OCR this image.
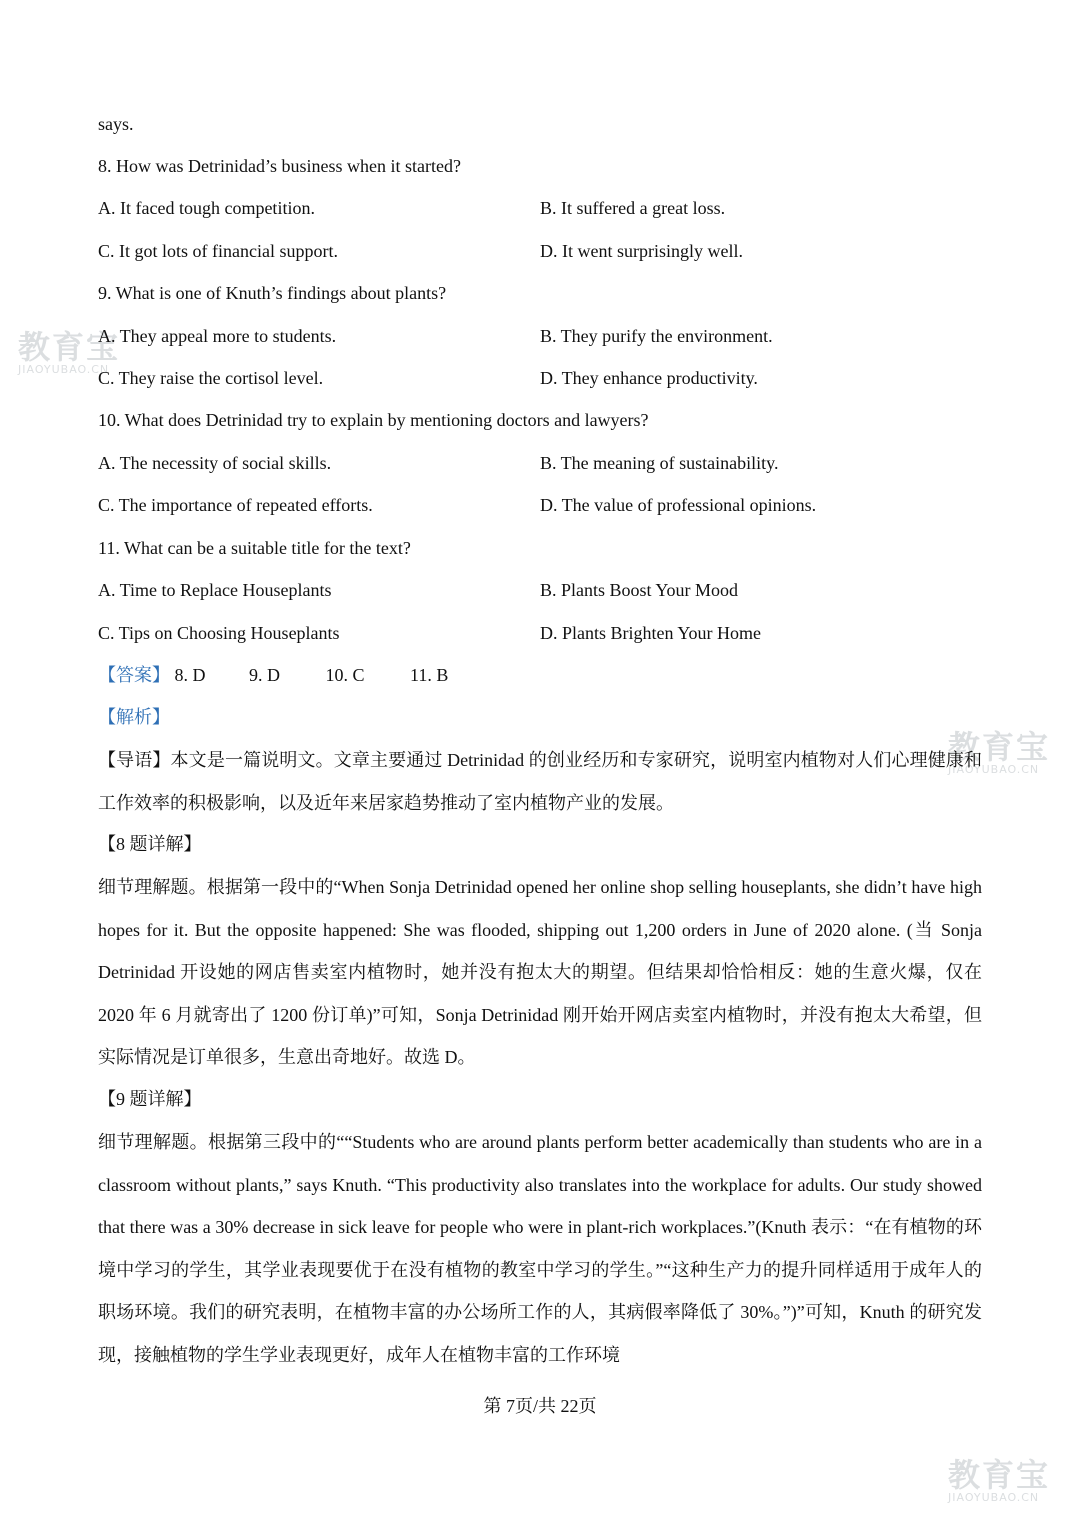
教育宝
JIAOYUBAO.CN
教育宝
JIAOYUBAO.CN
教育宝
JIAOYUBAO.CN
says.
8. How was Detrinidad’s business when it started?
A. It faced tough competition.	B. It suffered a great loss.
C. It got lots of financial support.	D. It went surprisingly well.
9. What is one of Knuth’s findings about plants?
A. They appeal more to students.	B. They purify the environment.
C. They raise the cortisol level.	D. They enhance productivity.
10. What does Detrinidad try to explain by mentioning doctors and lawyers?
A. The necessity of social skills.	B. The meaning of sustainability.
C. The importance of repeated efforts.	D. The value of professional opinions.
11. What can be a suitable title for the text?
A. Time to Replace Houseplants	B. Plants Boost Your Mood
C. Tips on Choosing Houseplants	D. Plants Brighten Your Home
【答案】 8. D 9. D	10. C	11. B
【解析】
【导语】本文是一篇说明文。文章主要通过 Detrinidad 的创业经历和专家研究，说明室内植物对人们心理健康和工作效率的积极影响，以及近年来居家趋势推动了室内植物产业的发展。
【8 题详解】
细节理解题。根据第一段中的“When Sonja Detrinidad opened her online shop selling houseplants, she didn’t have high hopes for it. But the opposite happened: She was flooded, shipping out 1,200 orders in June of 2020 alone. (当 Sonja Detrinidad 开设她的网店售卖室内植物时，她并没有抱太大的期望。但结果却恰恰相反：她的生意火爆，仅在 2020 年 6 月就寄出了 1200 份订单)”可知，Sonja Detrinidad 刚开始开网店卖室内植物时，并没有抱太大希望，但实际情况是订单很多，生意出奇地好。故选 D。
【9 题详解】
细节理解题。根据第三段中的““Students who are around plants perform better academically than students who are in a classroom without plants,” says Knuth. “This productivity also translates into the workplace for adults. Our study showed that there was a 30% decrease in sick leave for people who were in plant-rich workplaces.”(Knuth 表示：“在有植物的环境中学习的学生，其学业表现要优于在没有植物的教室中学习的学生。”“这种生产力的提升同样适用于成年人的职场环境。我们的研究表明，在植物丰富的办公场所工作的人，其病假率降低了 30%。”)”可知，Knuth 的研究发现，接触植物的学生学业表现更好，成年人在植物丰富的工作环境
第 7页/共 22页
